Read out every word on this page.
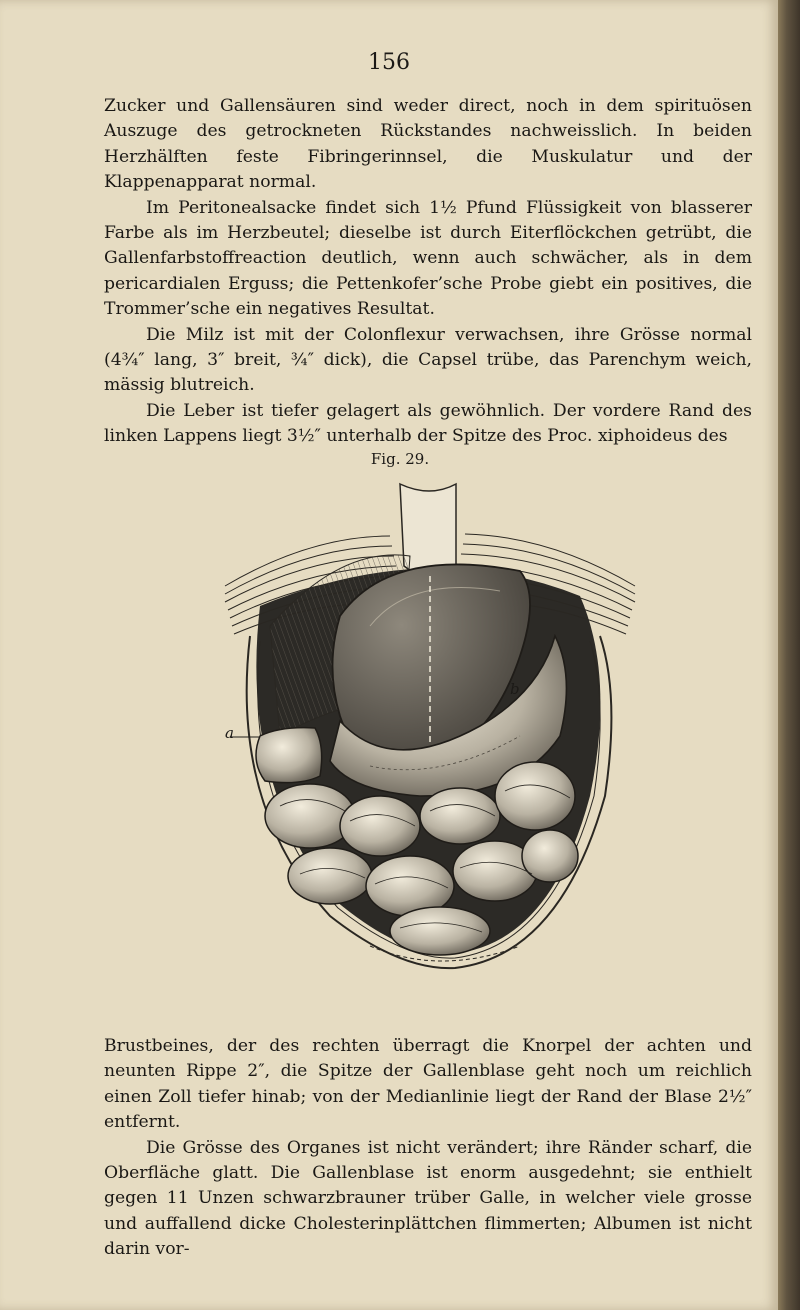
156

Zucker und Gallensäuren sind weder direct, noch in dem spirituösen Auszuge des getrockneten Rückstandes nachweisslich. In beiden Herzhälften feste Fibringerinnsel, die Muskulatur und der Klappenapparat normal.

Im Peritonealsacke findet sich 1½ Pfund Flüssigkeit von blasserer Farbe als im Herzbeutel; dieselbe ist durch Eiterflöckchen getrübt, die Gallenfarbstoffreaction deutlich, wenn auch schwächer, als in dem pericardialen Erguss; die Pettenkofer’sche Probe giebt ein positives, die Trommer’sche ein negatives Resultat.

Die Milz ist mit der Colonflexur verwachsen, ihre Grösse normal (4¾″ lang, 3″ breit, ¾″ dick), die Capsel trübe, das Parenchym weich, mässig blutreich.

Die Leber ist tiefer gelagert als gewöhnlich. Der vordere Rand des linken Lappens liegt 3½″ unterhalb der Spitze des Proc. xiphoideus des

Fig. 29.
a
b

Brustbeines, der des rechten überragt die Knorpel der achten und neunten Rippe 2″, die Spitze der Gallenblase geht noch um reichlich einen Zoll tiefer hinab; von der Medianlinie liegt der Rand der Blase 2½″ entfernt.

Die Grösse des Organes ist nicht verändert; ihre Ränder scharf, die Oberfläche glatt. Die Gallenblase ist enorm ausgedehnt; sie enthielt gegen 11 Unzen schwarzbrauner trüber Galle, in welcher viele grosse und auffallend dicke Cholesterinplättchen flimmerten; Albumen ist nicht darin vor-
